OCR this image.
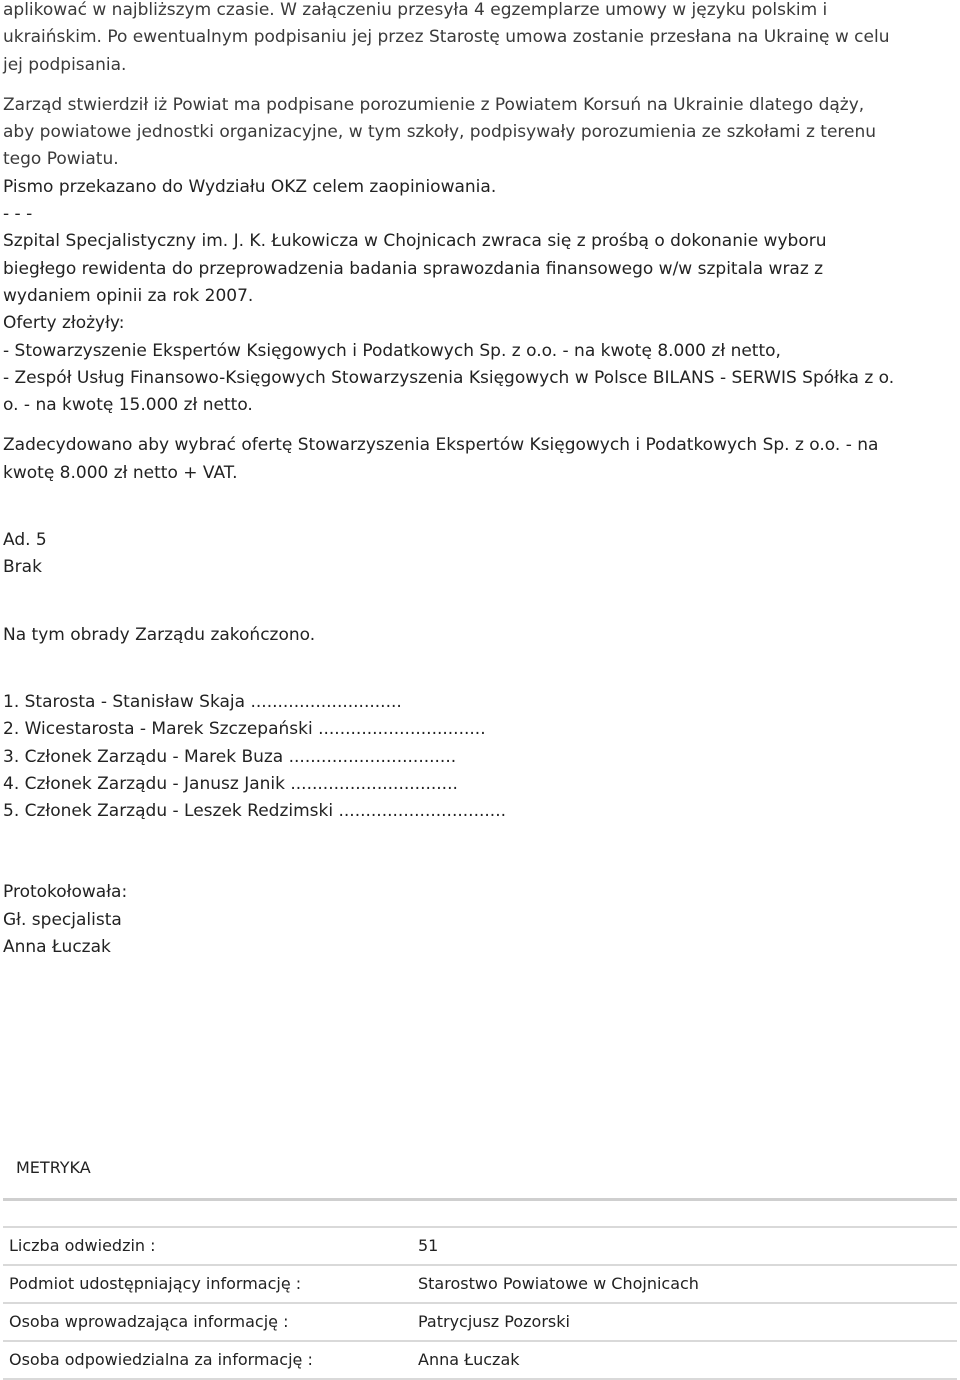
aplikować w najbliższym czasie. W załączeniu przesyła 4 egzemplarze umowy w języku polskim i
ukraińskim. Po ewentualnym podpisaniu jej przez Starostę umowa zostanie przesłana na Ukrainę w celu
jej podpisania.
Zarząd stwierdził iż Powiat ma podpisane porozumienie z Powiatem Korsuń na Ukrainie dlatego dąży,
aby powiatowe jednostki organizacyjne, w tym szkoły, podpisywały porozumienia ze szkołami z terenu
tego Powiatu.
Pismo przekazano do Wydziału OKZ celem zaopiniowania.
- - -
Szpital Specjalistyczny im. J. K. Łukowicza w Chojnicach zwraca się z prośbą o dokonanie wyboru
biegłego rewidenta do przeprowadzenia badania sprawozdania finansowego w/w szpitala wraz z
wydaniem opinii za rok 2007.
Oferty złożyły:
- Stowarzyszenie Ekspertów Księgowych i Podatkowych Sp. z o.o. - na kwotę 8.000 zł netto,
- Zespół Usług Finansowo-Księgowych Stowarzyszenia Księgowych w Polsce BILANS - SERWIS Spółka z o.
o. - na kwotę 15.000 zł netto.
Zadecydowano aby wybrać ofertę Stowarzyszenia Ekspertów Księgowych i Podatkowych Sp. z o.o. - na
kwotę 8.000 zł netto + VAT.
Ad. 5
Brak
Na tym obrady Zarządu zakończono.
1. Starosta - Stanisław Skaja ............................
2. Wicestarosta - Marek Szczepański ...............................
3. Członek Zarządu - Marek Buza ...............................
4. Członek Zarządu - Janusz Janik ...............................
5. Członek Zarządu - Leszek Redzimski ...............................
Protokołowała:
Gł. specjalista
Anna Łuczak
METRYKA
Liczba odwiedzin :	51
Podmiot udostępniający informację :	Starostwo Powiatowe w Chojnicach
Osoba wprowadzająca informację :	Patrycjusz Pozorski
Osoba odpowiedzialna za informację :	Anna Łuczak
